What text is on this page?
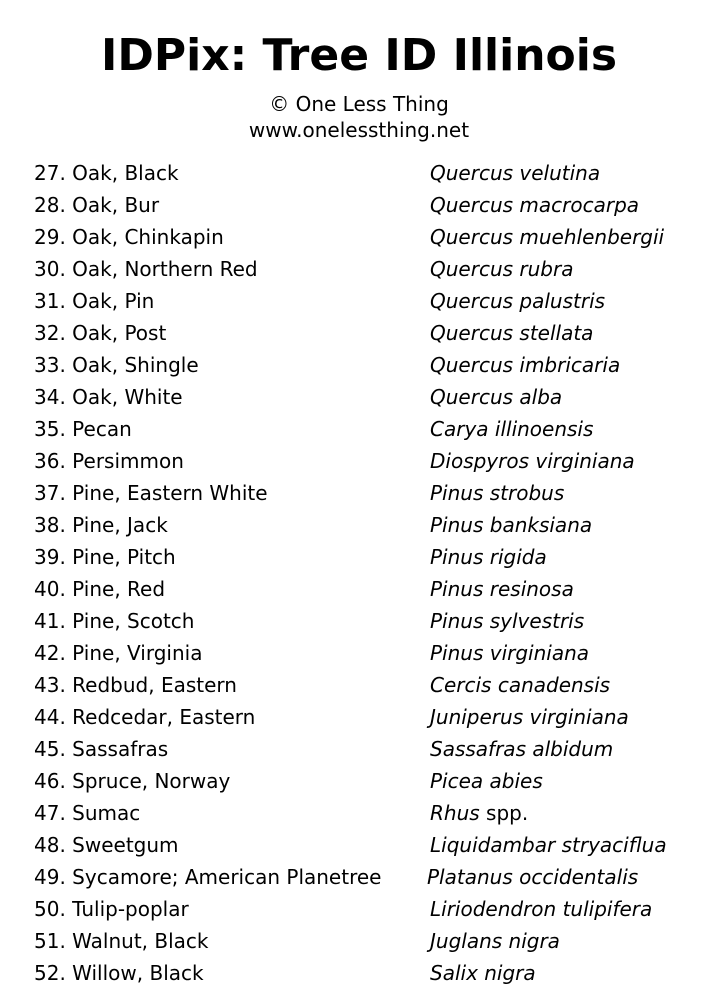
IDPix: Tree ID Illinois
© One Less Thing
www.onelessthing.net
27. Oak, Black	Quercus velutina
28. Oak, Bur	Quercus macrocarpa
29. Oak, Chinkapin	Quercus muehlenbergii
30. Oak, Northern Red	Quercus rubra
31. Oak, Pin	Quercus palustris
32. Oak, Post	Quercus stellata
33. Oak, Shingle	Quercus imbricaria
34. Oak, White	Quercus alba
35. Pecan	Carya illinoensis
36. Persimmon	Diospyros virginiana
37. Pine, Eastern White	Pinus strobus
38. Pine, Jack	Pinus banksiana
39. Pine, Pitch	Pinus rigida
40. Pine, Red	Pinus resinosa
41. Pine, Scotch	Pinus sylvestris
42. Pine, Virginia	Pinus virginiana
43. Redbud, Eastern	Cercis canadensis
44. Redcedar, Eastern	Juniperus virginiana
45. Sassafras	Sassafras albidum
46. Spruce, Norway	Picea abies
47. Sumac	Rhus spp.
48. Sweetgum	Liquidambar stryaciflua
49. Sycamore; American Planetree Platanus occidentalis
50. Tulip-poplar	Liriodendron tulipifera
51. Walnut, Black	Juglans nigra
52. Willow, Black	Salix nigra
